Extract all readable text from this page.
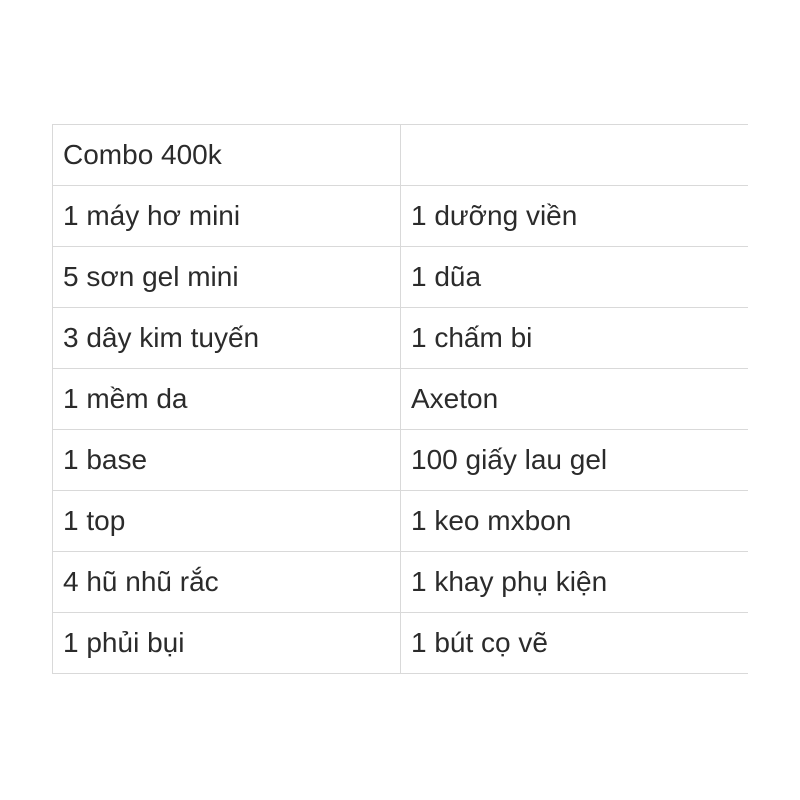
Combo 400k	
1 máy hơ mini	1 dưỡng viền
5 sơn gel mini	1 dũa
3 dây kim tuyến	1 chấm bi
1 mềm da	Axeton
1 base	100 giấy lau gel
1 top	1 keo mxbon
4 hũ nhũ rắc	1 khay phụ kiện
1 phủi bụi	1 bút cọ vẽ
